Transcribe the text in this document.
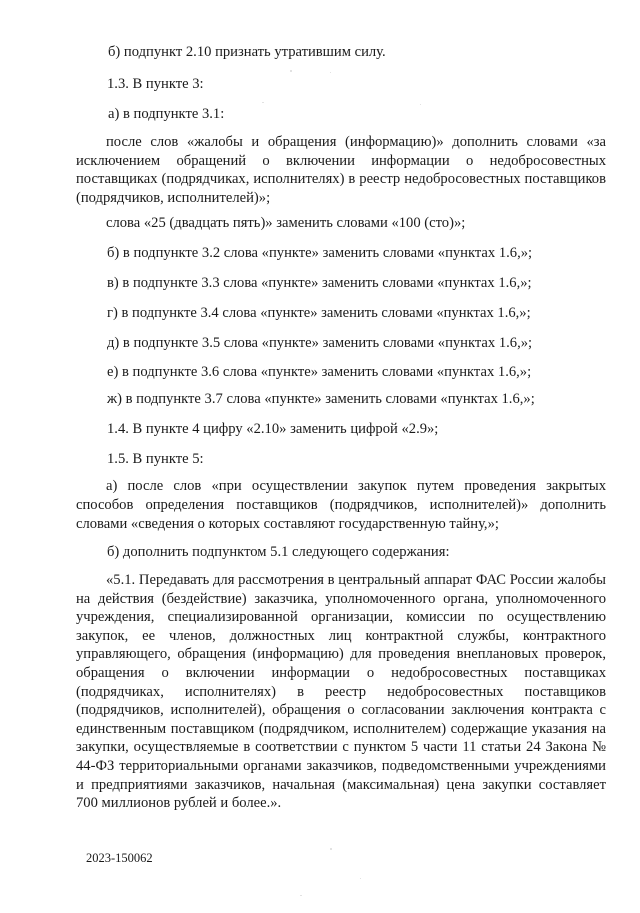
б) подпункт 2.10 признать утратившим силу.
1.3. В пункте 3:
а) в подпункте 3.1:

после слов «жалобы и обращения (информацию)» дополнить словами «за исключением обращений о включении информации о недобросовестных поставщиках (подрядчиках, исполнителях) в реестр недобросовестных поставщиков (подрядчиков, исполнителей)»;

слова «25 (двадцать пять)» заменить словами «100 (сто)»;
б) в подпункте 3.2 слова «пункте» заменить словами «пунктах 1.6,»;
в) в подпункте 3.3 слова «пункте» заменить словами «пунктах 1.6,»;
г) в подпункте 3.4 слова «пункте» заменить словами «пунктах 1.6,»;
д) в подпункте 3.5 слова «пункте» заменить словами «пунктах 1.6,»;
е) в подпункте 3.6 слова «пункте» заменить словами «пунктах 1.6,»;
ж) в подпункте 3.7 слова «пункте» заменить словами «пунктах 1.6,»;
1.4. В пункте 4 цифру «2.10» заменить цифрой «2.9»;
1.5. В пункте 5:

а) после слов «при осуществлении закупок путем проведения закрытых способов определения поставщиков (подрядчиков, исполнителей)» дополнить словами «сведения о которых составляют государственную тайну,»;

б) дополнить подпунктом 5.1 следующего содержания:

«5.1. Передавать для рассмотрения в центральный аппарат ФАС России жалобы на действия (бездействие) заказчика, уполномоченного органа, уполномоченного учреждения, специализированной организации, комиссии по осуществлению закупок, ее членов, должностных лиц контрактной службы, контрактного управляющего, обращения (информацию) для проведения внеплановых проверок, обращения о включении информации о недобросовестных поставщиках (подрядчиках, исполнителях) в реестр недобросовестных поставщиков (подрядчиков, исполнителей), обращения о согласовании заключения контракта с единственным поставщиком (подрядчиком, исполнителем) содержащие указания на закупки, осуществляемые в соответствии с пунктом 5 части 11 статьи 24 Закона № 44-ФЗ территориальными органами заказчиков, подведомственными учреждениями и предприятиями заказчиков, начальная (максимальная) цена закупки составляет 700 миллионов рублей и более.».

2023-150062
